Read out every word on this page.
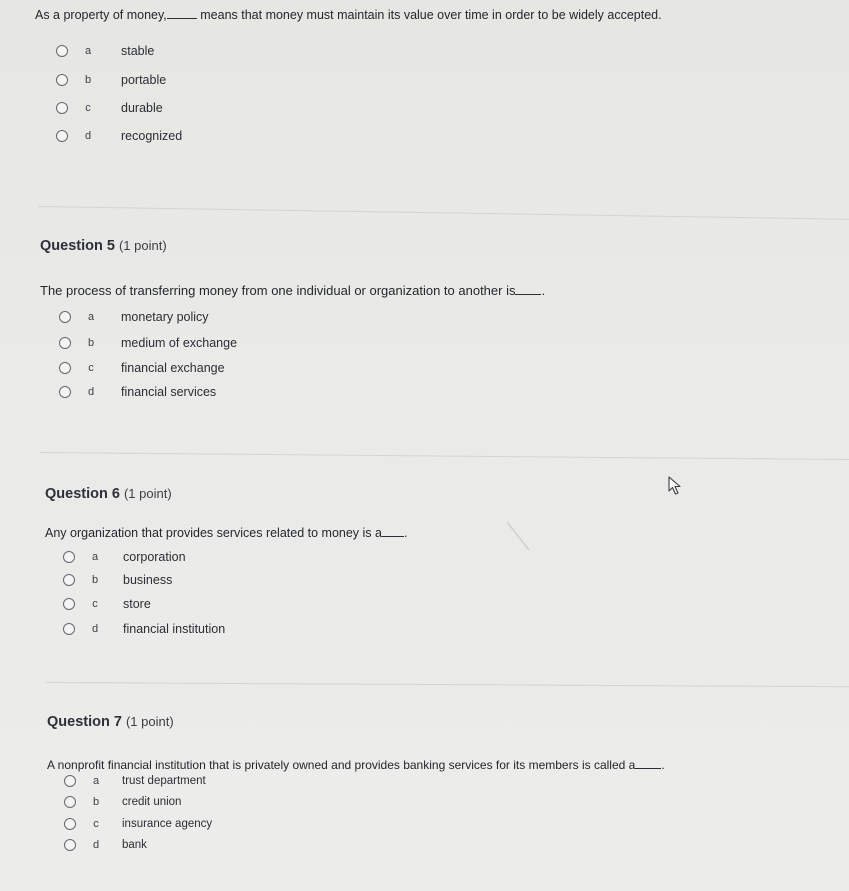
As a property of money, means that money must maintain its value over time in order to be widely accepted.
a	stable
b	portable
c	durable
d	recognized
Question 5 (1 point)
The process of transferring money from one individual or organization to another is .
a	monetary policy
b	medium of exchange
c	financial exchange
d	financial services
Question 6 (1 point)
Any organization that provides services related to money is a .
a	corporation
b	business
c	store
d	financial institution
Question 7 (1 point)
A nonprofit financial institution that is privately owned and provides banking services for its members is called a .
a	trust department
b	credit union
c	insurance agency
d	bank
